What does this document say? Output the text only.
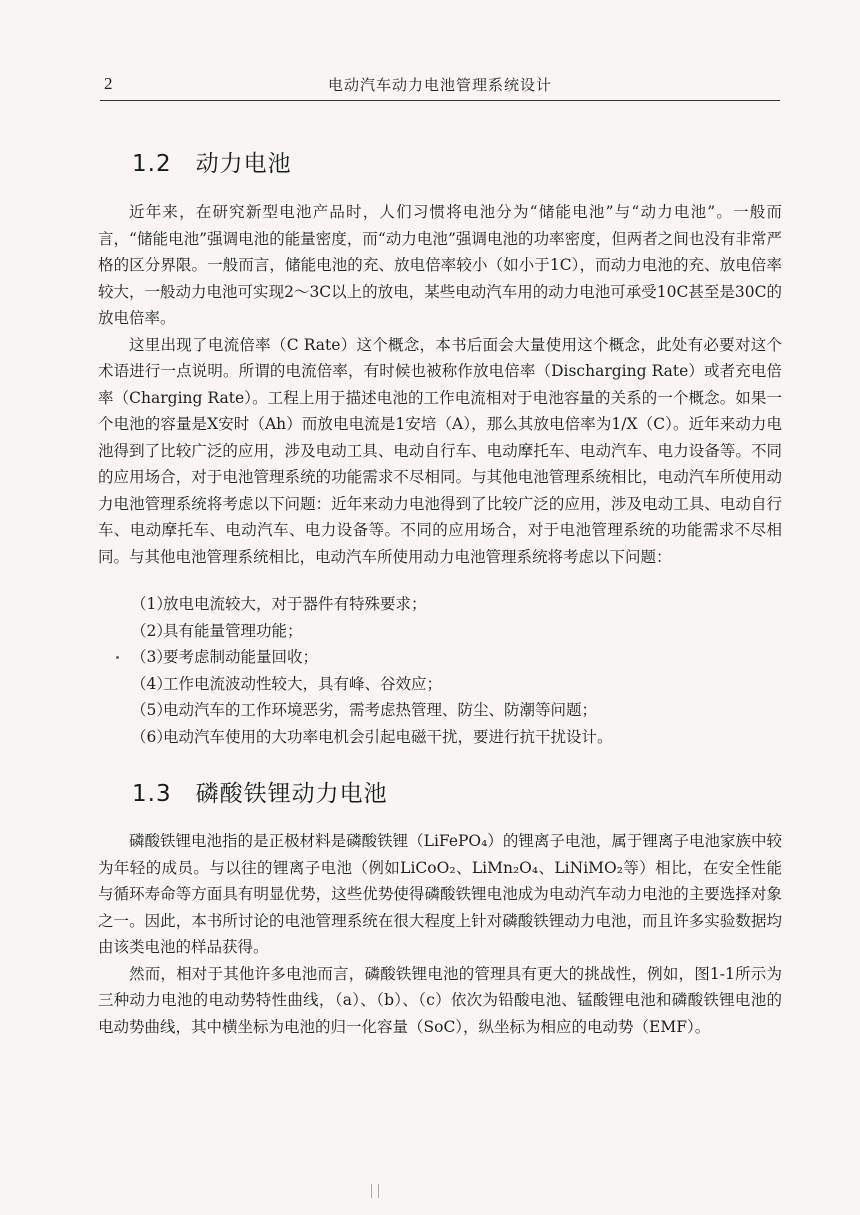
2	电动汽车动力电池管理系统设计
1.2 动力电池

近年来，在研究新型电池产品时，人们习惯将电池分为“储能电池”与“动力电池”。一般而言，“储能电池”强调电池的能量密度，而“动力电池”强调电池的功率密度，但两者之间也没有非常严格的区分界限。一般而言，储能电池的充、放电倍率较小（如小于1C），而动力电池的充、放电倍率较大，一般动力电池可实现2～3C以上的放电，某些电动汽车用的动力电池可承受10C甚至是30C的放电倍率。

这里出现了电流倍率（C Rate）这个概念，本书后面会大量使用这个概念，此处有必要对这个术语进行一点说明。所谓的电流倍率，有时候也被称作放电倍率（Discharging Rate）或者充电倍率（Charging Rate）。工程上用于描述电池的工作电流相对于电池容量的关系的一个概念。如果一个电池的容量是X安时（Ah）而放电电流是1安培（A），那么其放电倍率为1/X（C）。近年来动力电池得到了比较广泛的应用，涉及电动工具、电动自行车、电动摩托车、电动汽车、电力设备等。不同的应用场合，对于电池管理系统的功能需求不尽相同。与其他电池管理系统相比，电动汽车所使用动力电池管理系统将考虑以下问题：近年来动力电池得到了比较广泛的应用，涉及电动工具、电动自行车、电动摩托车、电动汽车、电力设备等。不同的应用场合，对于电池管理系统的功能需求不尽相同。与其他电池管理系统相比，电动汽车所使用动力电池管理系统将考虑以下问题：

（1）放电电流较大，对于器件有特殊要求；
（2）具有能量管理功能；
（3）要考虑制动能量回收；
（4）工作电流波动性较大，具有峰、谷效应；
（5）电动汽车的工作环境恶劣，需考虑热管理、防尘、防潮等问题；
（6）电动汽车使用的大功率电机会引起电磁干扰，要进行抗干扰设计。
1.3 磷酸铁锂动力电池

磷酸铁锂电池指的是正极材料是磷酸铁锂（LiFePO₄）的锂离子电池，属于锂离子电池家族中较为年轻的成员。与以往的锂离子电池（例如LiCoO₂、LiMn₂O₄、LiNiMO₂等）相比，在安全性能与循环寿命等方面具有明显优势，这些优势使得磷酸铁锂电池成为电动汽车动力电池的主要选择对象之一。因此，本书所讨论的电池管理系统在很大程度上针对磷酸铁锂动力电池，而且许多实验数据均由该类电池的样品获得。

然而，相对于其他许多电池而言，磷酸铁锂电池的管理具有更大的挑战性，例如，图1-1所示为三种动力电池的电动势特性曲线，（a）、（b）、（c）依次为铅酸电池、锰酸锂电池和磷酸铁锂电池的电动势曲线，其中横坐标为电池的归一化容量（SoC），纵坐标为相应的电动势（EMF）。
